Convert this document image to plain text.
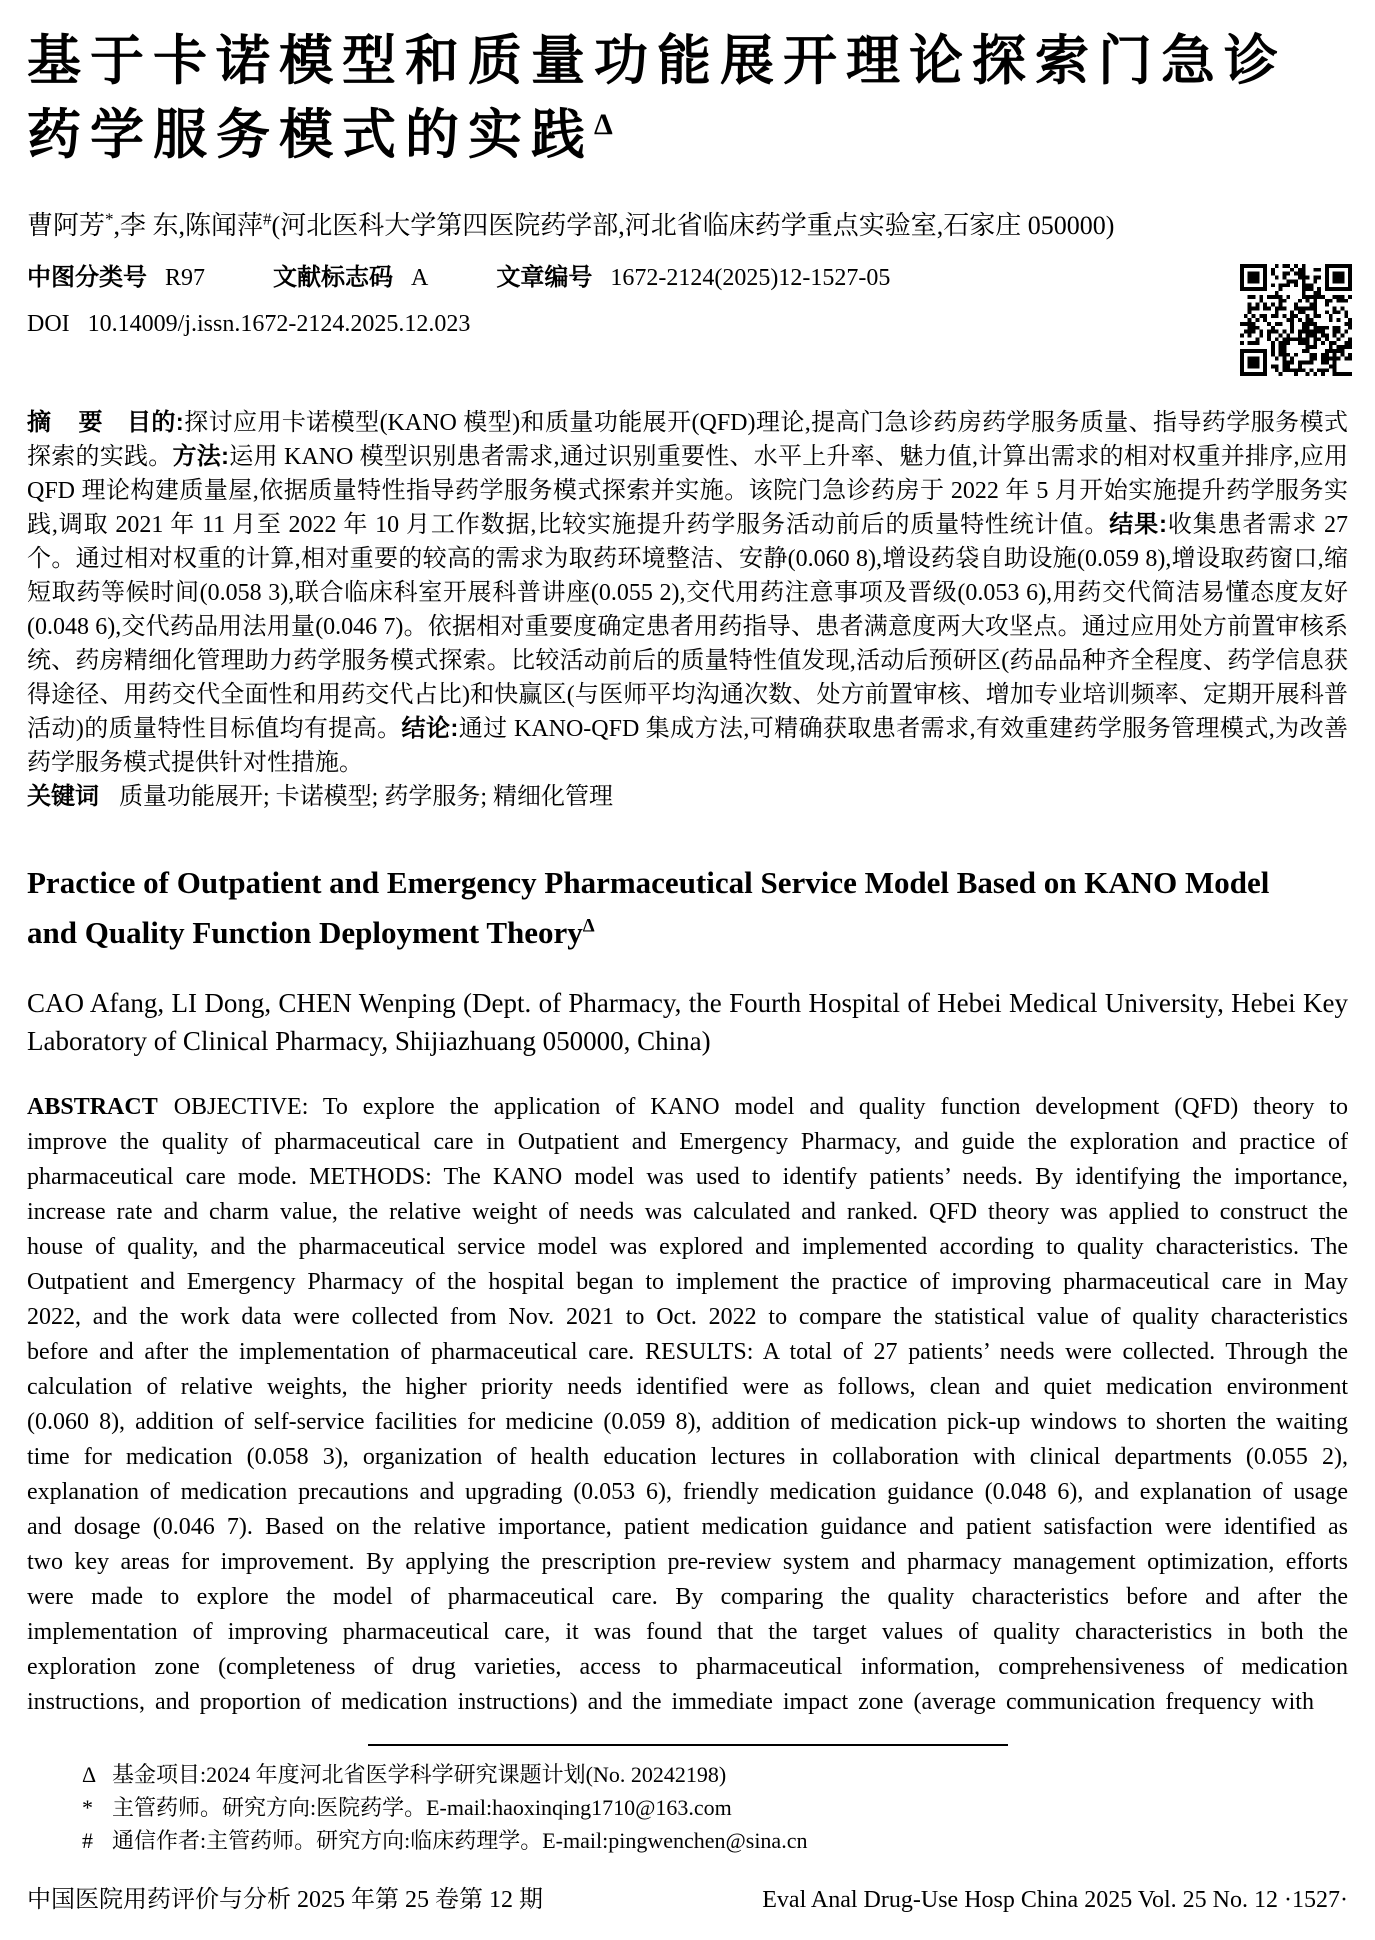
基于卡诺模型和质量功能展开理论探索门急诊
药学服务模式的实践$^\Delta$
曹阿芳*,李 东,陈闻萍#(河北医科大学第四医院药学部,河北省临床药学重点实验室,石家庄 050000)
中图分类号 R97	文献标志码 A	文章编号 1672-2124(2025)12-1527-05
DOI 10.14009/j.issn.1672-2124.2025.12.023
摘 要 目的:探讨应用卡诺模型(KANO 模型)和质量功能展开(QFD)理论,提高门急诊药房药学服务质量、指导药学服务模式探索的实践。方法:运用 KANO 模型识别患者需求,通过识别重要性、水平上升率、魅力值,计算出需求的相对权重并排序,应用 QFD 理论构建质量屋,依据质量特性指导药学服务模式探索并实施。该院门急诊药房于 2022 年 5 月开始实施提升药学服务实践,调取 2021 年 11 月至 2022 年 10 月工作数据,比较实施提升药学服务活动前后的质量特性统计值。结果:收集患者需求 27 个。通过相对权重的计算,相对重要的较高的需求为取药环境整洁、安静(0.060 8),增设药袋自助设施(0.059 8),增设取药窗口,缩短取药等候时间(0.058 3),联合临床科室开展科普讲座(0.055 2),交代用药注意事项及晋级(0.053 6),用药交代简洁易懂态度友好(0.048 6),交代药品用法用量(0.046 7)。依据相对重要度确定患者用药指导、患者满意度两大攻坚点。通过应用处方前置审核系统、药房精细化管理助力药学服务模式探索。比较活动前后的质量特性值发现,活动后预研区(药品品种齐全程度、药学信息获得途径、用药交代全面性和用药交代占比)和快赢区(与医师平均沟通次数、处方前置审核、增加专业培训频率、定期开展科普活动)的质量特性目标值均有提高。结论:通过 KANO-QFD 集成方法,可精确获取患者需求,有效重建药学服务管理模式,为改善药学服务模式提供针对性措施。
关键词 质量功能展开; 卡诺模型; 药学服务; 精细化管理
Practice of Outpatient and Emergency Pharmaceutical Service Model Based on KANO Model
and Quality Function Deployment Theory$^\Delta$
CAO Afang, LI Dong, CHEN Wenping (Dept. of Pharmacy, the Fourth Hospital of Hebei Medical University, Hebei Key Laboratory of Clinical Pharmacy, Shijiazhuang 050000, China)
ABSTRACT OBJECTIVE: To explore the application of KANO model and quality function development (QFD) theory to improve the quality of pharmaceutical care in Outpatient and Emergency Pharmacy, and guide the exploration and practice of pharmaceutical care mode. METHODS: The KANO model was used to identify patients’ needs. By identifying the importance, increase rate and charm value, the relative weight of needs was calculated and ranked. QFD theory was applied to construct the house of quality, and the pharmaceutical service model was explored and implemented according to quality characteristics. The Outpatient and Emergency Pharmacy of the hospital began to implement the practice of improving pharmaceutical care in May 2022, and the work data were collected from Nov. 2021 to Oct. 2022 to compare the statistical value of quality characteristics before and after the implementation of pharmaceutical care. RESULTS: A total of 27 patients’ needs were collected. Through the calculation of relative weights, the higher priority needs identified were as follows, clean and quiet medication environment (0.060 8), addition of self-service facilities for medicine (0.059 8), addition of medication pick-up windows to shorten the waiting time for medication (0.058 3), organization of health education lectures in collaboration with clinical departments (0.055 2), explanation of medication precautions and upgrading (0.053 6), friendly medication guidance (0.048 6), and explanation of usage and dosage (0.046 7). Based on the relative importance, patient medication guidance and patient satisfaction were identified as two key areas for improvement. By applying the prescription pre-review system and pharmacy management optimization, efforts were made to explore the model of pharmaceutical care. By comparing the quality characteristics before and after the implementation of improving pharmaceutical care, it was found that the target values of quality characteristics in both the exploration zone (completeness of drug varieties, access to pharmaceutical information, comprehensiveness of medication instructions, and proportion of medication instructions) and the immediate impact zone (average communication frequency with
Δ 基金项目:2024 年度河北省医学科学研究课题计划(No. 20242198)
* 主管药师。研究方向:医院药学。E-mail:haoxinqing1710@163.com
# 通信作者:主管药师。研究方向:临床药理学。E-mail:pingwenchen@sina.cn
中国医院用药评价与分析 2025 年第 25 卷第 12 期	Eval Anal Drug-Use Hosp China 2025 Vol. 25 No. 12 ·1527·
